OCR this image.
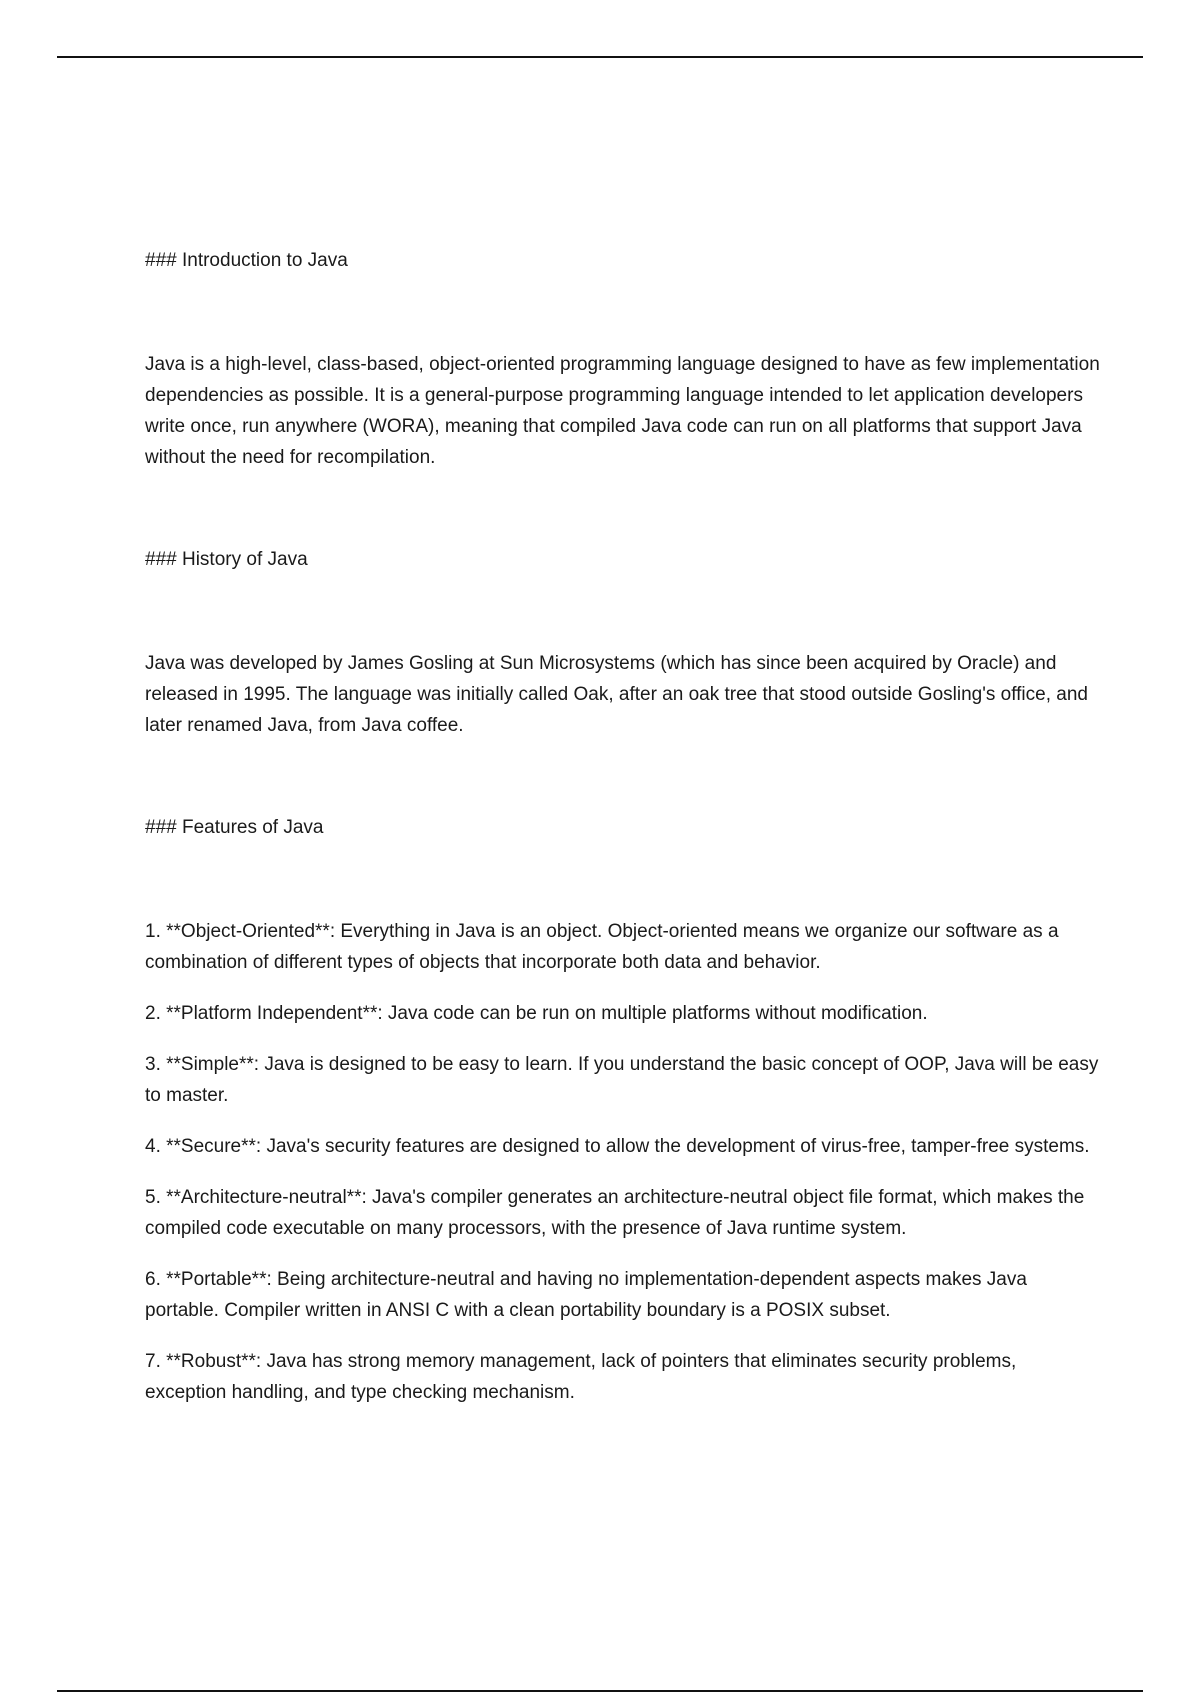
### Introduction to Java

Java is a high-level, class-based, object-oriented programming language designed to have as few implementation dependencies as possible. It is a general-purpose programming language intended to let application developers write once, run anywhere (WORA), meaning that compiled Java code can run on all platforms that support Java without the need for recompilation.

### History of Java

Java was developed by James Gosling at Sun Microsystems (which has since been acquired by Oracle) and released in 1995. The language was initially called Oak, after an oak tree that stood outside Gosling's office, and later renamed Java, from Java coffee.

### Features of Java
1. **Object-Oriented**: Everything in Java is an object. Object-oriented means we organize our software as a combination of different types of objects that incorporate both data and behavior.
2. **Platform Independent**: Java code can be run on multiple platforms without modification.
3. **Simple**: Java is designed to be easy to learn. If you understand the basic concept of OOP, Java will be easy to master.
4. **Secure**: Java's security features are designed to allow the development of virus-free, tamper-free systems.
5. **Architecture-neutral**: Java's compiler generates an architecture-neutral object file format, which makes the compiled code executable on many processors, with the presence of Java runtime system.
6. **Portable**: Being architecture-neutral and having no implementation-dependent aspects makes Java portable. Compiler written in ANSI C with a clean portability boundary is a POSIX subset.
7. **Robust**: Java has strong memory management, lack of pointers that eliminates security problems, exception handling, and type checking mechanism.
